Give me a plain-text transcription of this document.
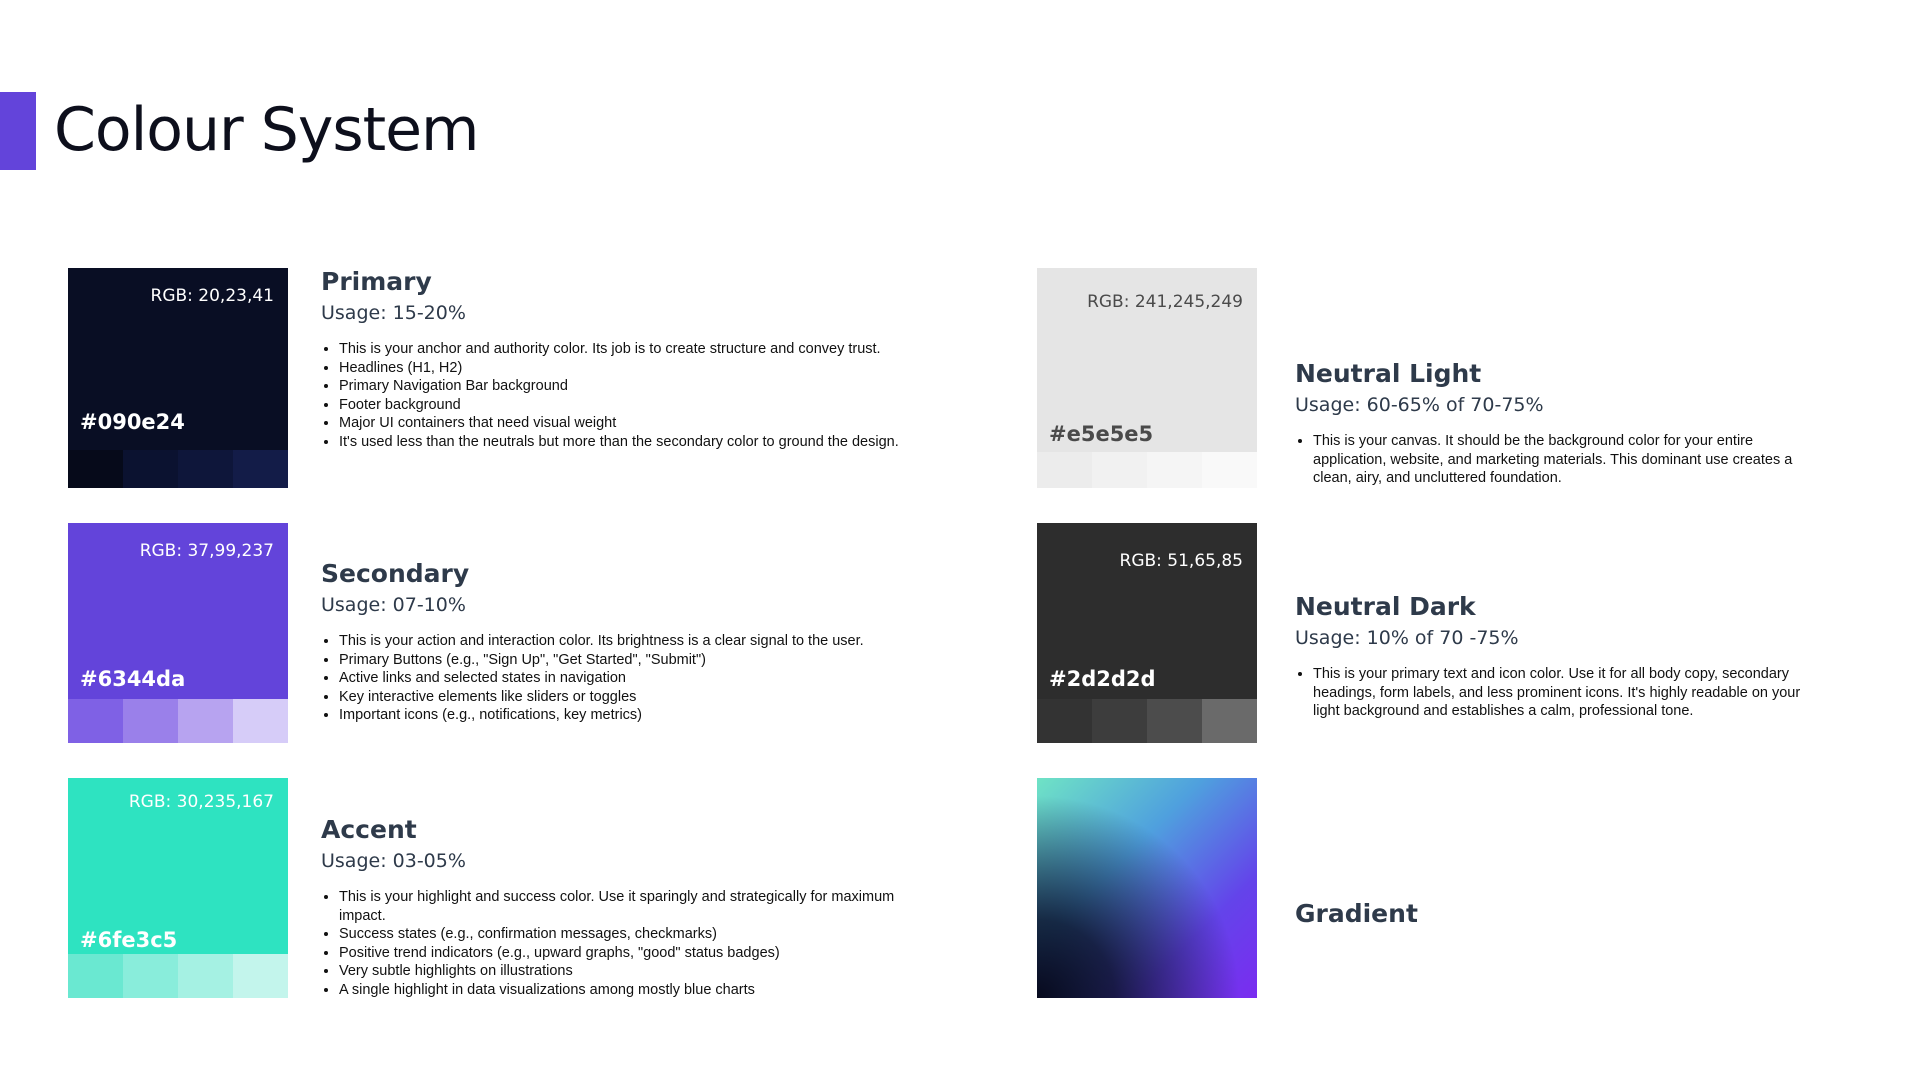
Colour System
RGB: 20,23,41
#090e24
Primary
Usage: 15-20%
• This is your anchor and authority color. Its job is to create structure and convey trust.
• Headlines (H1, H2)
• Primary Navigation Bar background
• Footer background
• Major UI containers that need visual weight
• It's used less than the neutrals but more than the secondary color to ground the design.
RGB: 37,99,237
#6344da
Secondary
Usage: 07-10%
• This is your action and interaction color. Its brightness is a clear signal to the user.
• Primary Buttons (e.g., "Sign Up", "Get Started", "Submit")
• Active links and selected states in navigation
• Key interactive elements like sliders or toggles
• Important icons (e.g., notifications, key metrics)
RGB: 30,235,167
#6fe3c5
Accent
Usage: 03-05%
• This is your highlight and success color. Use it sparingly and strategically for maximum impact.
• Success states (e.g., confirmation messages, checkmarks)
• Positive trend indicators (e.g., upward graphs, "good" status badges)
• Very subtle highlights on illustrations
• A single highlight in data visualizations among mostly blue charts
RGB: 241,245,249
#e5e5e5
Neutral Light
Usage: 60-65% of 70-75%
• This is your canvas. It should be the background color for your entire application, website, and marketing materials. This dominant use creates a clean, airy, and uncluttered foundation.
RGB: 51,65,85
#2d2d2d
Neutral Dark
Usage: 10% of 70 -75%
• This is your primary text and icon color. Use it for all body copy, secondary headings, form labels, and less prominent icons. It's highly readable on your light background and establishes a calm, professional tone.
Gradient
